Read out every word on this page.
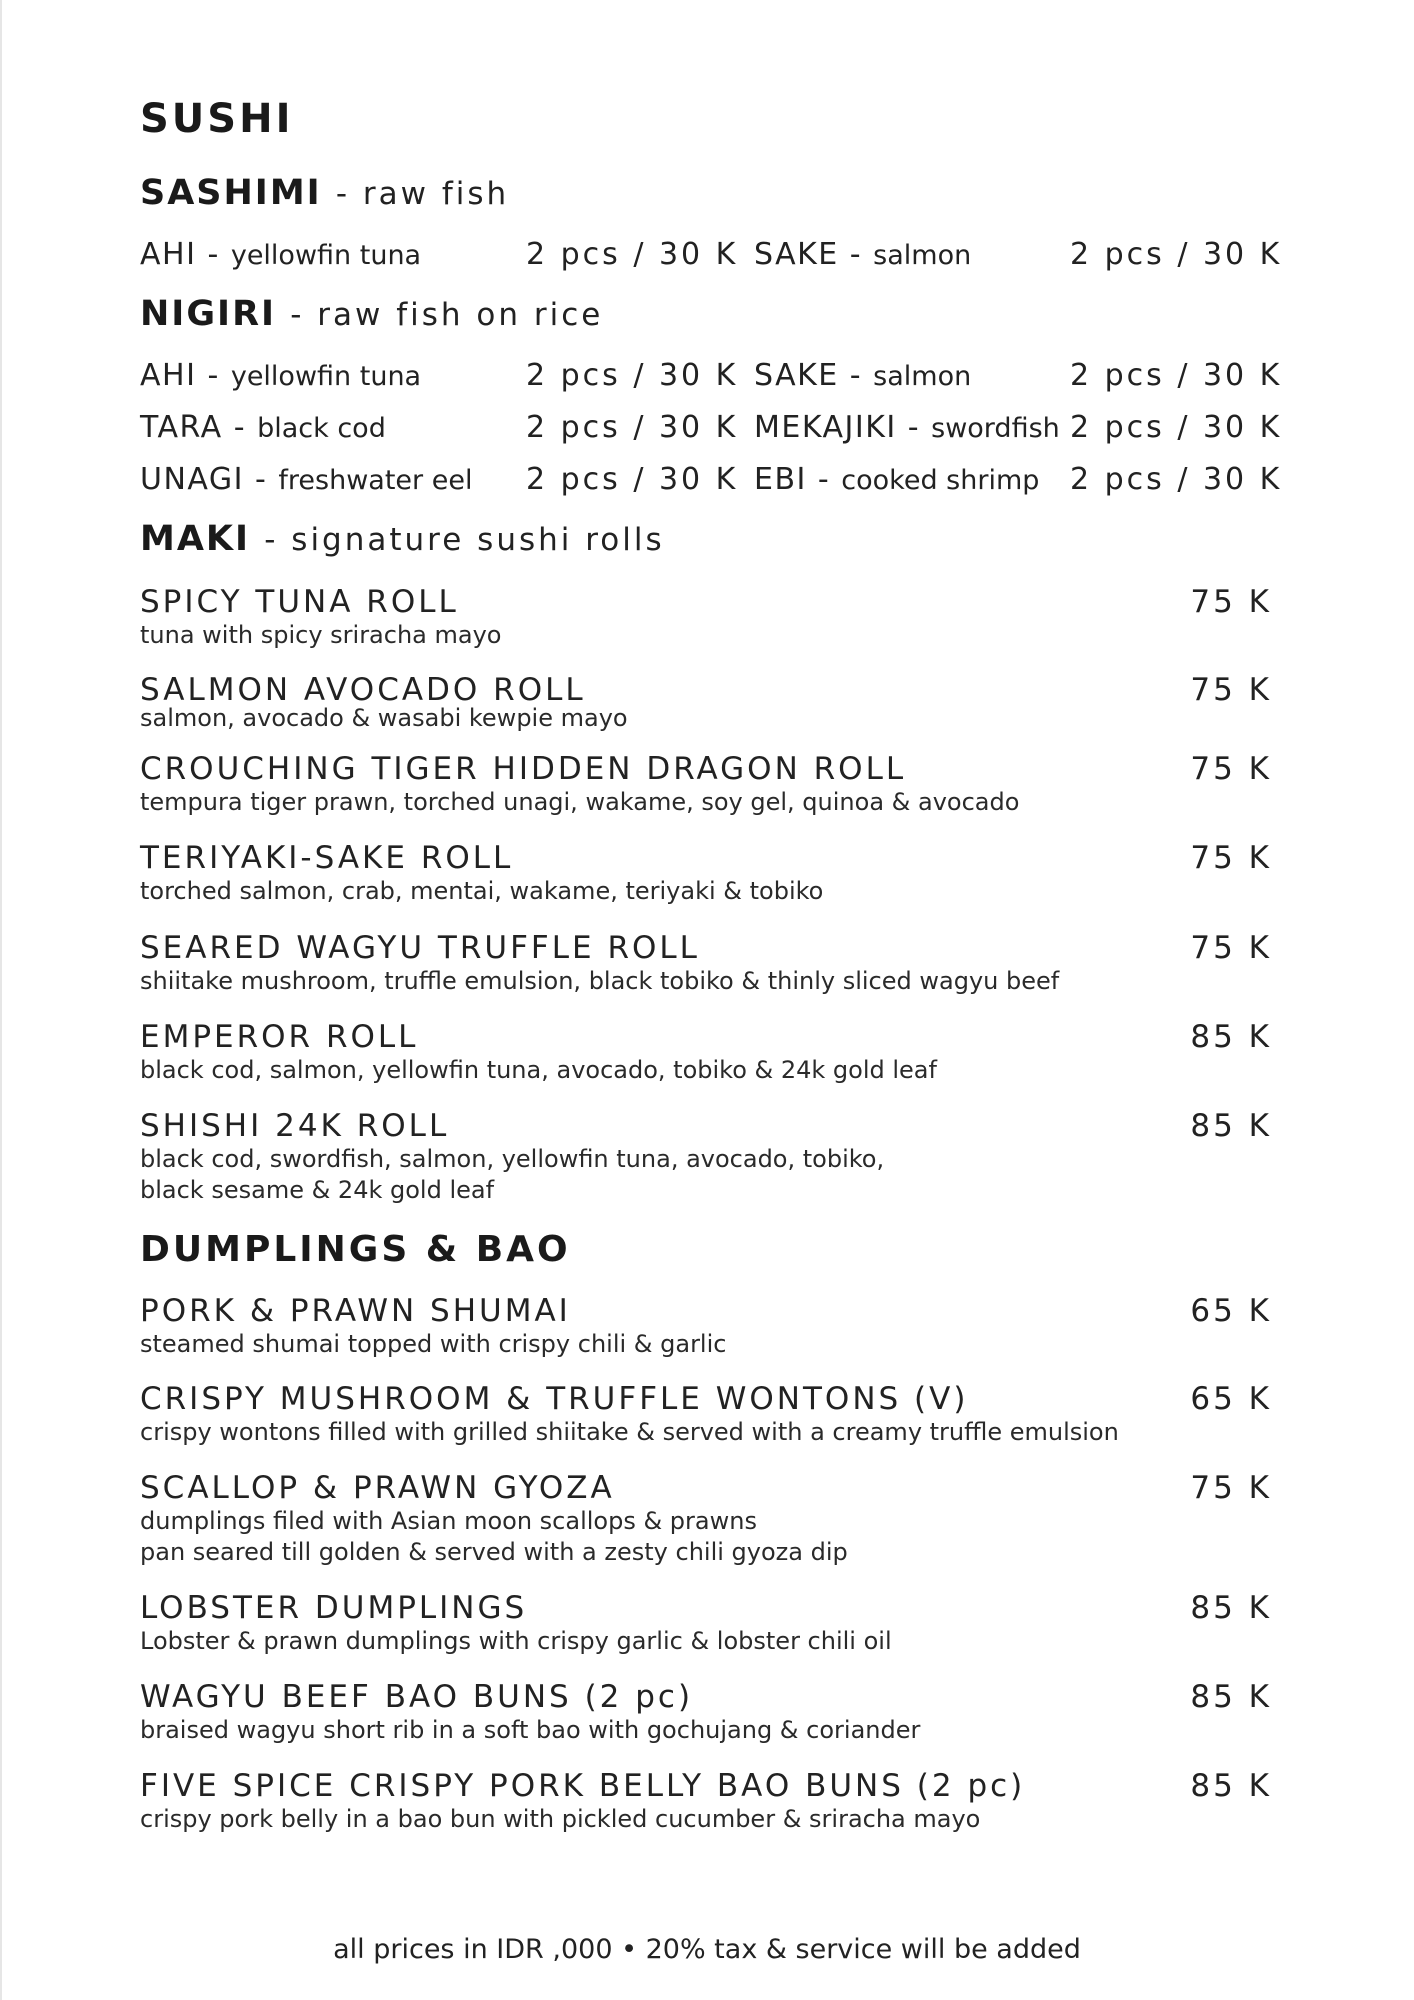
SUSHI
SASHIMI - raw fish
AHI - yellowfin tuna	2 pcs / 30 K SAKE - salmon	2 pcs / 30 K
NIGIRI - raw fish on rice
AHI - yellowfin tuna	2 pcs / 30 K SAKE - salmon	2 pcs / 30 K
TARA - black cod	2 pcs / 30 K MEKAJIKI - swordfish 2 pcs / 30 K
UNAGI - freshwater eel 2 pcs / 30 K EBI - cooked shrimp 2 pcs / 30 K
MAKI - signature sushi rolls
SPICY TUNA ROLL	75 K
tuna with spicy sriracha mayo
SALMON AVOCADO ROLL	75 K
salmon, avocado & wasabi kewpie mayo
CROUCHING TIGER HIDDEN DRAGON ROLL	75 K
tempura tiger prawn, torched unagi, wakame, soy gel, quinoa & avocado
TERIYAKI-SAKE ROLL	75 K
torched salmon, crab, mentai, wakame, teriyaki & tobiko
SEARED WAGYU TRUFFLE ROLL	75 K
shiitake mushroom, truffle emulsion, black tobiko & thinly sliced wagyu beef
EMPEROR ROLL	85 K
black cod, salmon, yellowfin tuna, avocado, tobiko & 24k gold leaf
SHISHI 24K ROLL	85 K
black cod, swordfish, salmon, yellowfin tuna, avocado, tobiko,
black sesame & 24k gold leaf
DUMPLINGS & BAO
PORK & PRAWN SHUMAI	65 K
steamed shumai topped with crispy chili & garlic
CRISPY MUSHROOM & TRUFFLE WONTONS (V)	65 K
crispy wontons filled with grilled shiitake & served with a creamy truffle emulsion
SCALLOP & PRAWN GYOZA	75 K
dumplings filed with Asian moon scallops & prawns
pan seared till golden & served with a zesty chili gyoza dip
LOBSTER DUMPLINGS	85 K
Lobster & prawn dumplings with crispy garlic & lobster chili oil
WAGYU BEEF BAO BUNS (2 pc)	85 K
braised wagyu short rib in a soft bao with gochujang & coriander
FIVE SPICE CRISPY PORK BELLY BAO BUNS (2 pc)	85 K
crispy pork belly in a bao bun with pickled cucumber & sriracha mayo
all prices in IDR ,000 • 20% tax & service will be added
